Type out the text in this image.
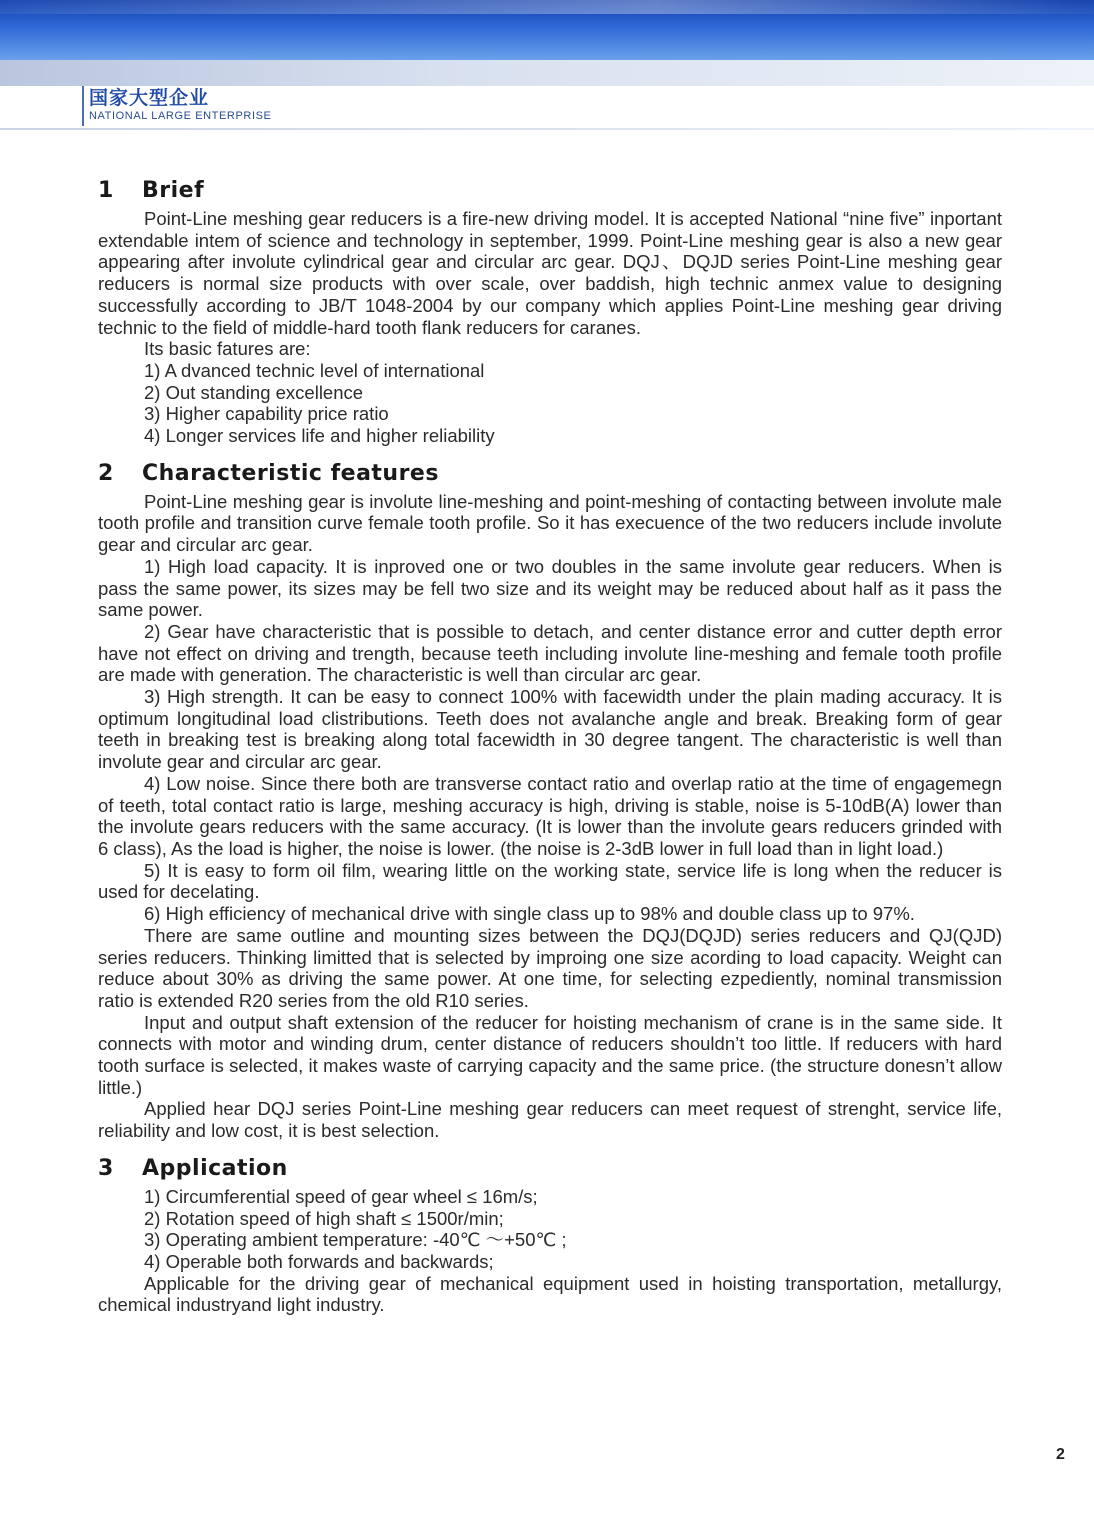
国家大型企业
NATIONAL LARGE ENTERPRISE
1	Brief

Point-Line meshing gear reducers is a fire-new driving model. It is accepted National “nine five” inportant extendable intem of science and technology in september, 1999. Point-Line meshing gear is also a new gear appearing after involute cylindrical gear and circular arc gear. DQJ、DQJD series Point-Line meshing gear reducers is normal size products with over scale, over baddish, high technic anmex value to designing successfully according to JB/T 1048-2004 by our company which applies Point-Line meshing gear driving technic to the field of middle-hard tooth flank reducers for caranes.

Its basic fatures are:

1) A dvanced technic level of international

2) Out standing excellence

3) Higher capability price ratio

4) Longer services life and higher reliability

2	Characteristic features

Point-Line meshing gear is involute line-meshing and point-meshing of contacting between involute male tooth profile and transition curve female tooth profile. So it has execuence of the two reducers include involute gear and circular arc gear.

1) High load capacity. It is inproved one or two doubles in the same involute gear reducers. When is pass the same power, its sizes may be fell two size and its weight may be reduced about half as it pass the same power.

2) Gear have characteristic that is possible to detach, and center distance error and cutter depth error have not effect on driving and trength, because teeth including involute line-meshing and female tooth profile are made with generation. The characteristic is well than circular arc gear.

3) High strength. It can be easy to connect 100% with facewidth under the plain mading accuracy. It is optimum longitudinal load clistributions. Teeth does not avalanche angle and break. Breaking form of gear teeth in breaking test is breaking along total facewidth in 30 degree tangent. The characteristic is well than involute gear and circular arc gear.

4) Low noise. Since there both are transverse contact ratio and overlap ratio at the time of engagemegn of teeth, total contact ratio is large, meshing accuracy is high, driving is stable, noise is 5-10dB(A) lower than the involute gears reducers with the same accuracy. (It is lower than the involute gears reducers grinded with 6 class), As the load is higher, the noise is lower. (the noise is 2-3dB lower in full load than in light load.)

5) It is easy to form oil film, wearing little on the working state, service life is long when the reducer is used for decelating.

6) High efficiency of mechanical drive with single class up to 98% and double class up to 97%.

There are same outline and mounting sizes between the DQJ(DQJD) series reducers and QJ(QJD) series reducers. Thinking limitted that is selected by improing one size acording to load capacity. Weight can reduce about 30% as driving the same power. At one time, for selecting ezpediently, nominal transmission ratio is extended R20 series from the old R10 series.

Input and output shaft extension of the reducer for hoisting mechanism of crane is in the same side. It connects with motor and winding drum, center distance of reducers shouldn’t too little. If reducers with hard tooth surface is selected, it makes waste of carrying capacity and the same price. (the structure donesn’t allow little.)

Applied hear DQJ series Point-Line meshing gear reducers can meet request of strenght, service life, reliability and low cost, it is best selection.

3	Application

1) Circumferential speed of gear wheel ≤ 16m/s;

2) Rotation speed of high shaft ≤ 1500r/min;

3) Operating ambient temperature: -40℃ ～+50℃ ;

4) Operable both forwards and backwards;

Applicable for the driving gear of mechanical equipment used in hoisting transportation, metallurgy, chemical industryand light industry.

2
